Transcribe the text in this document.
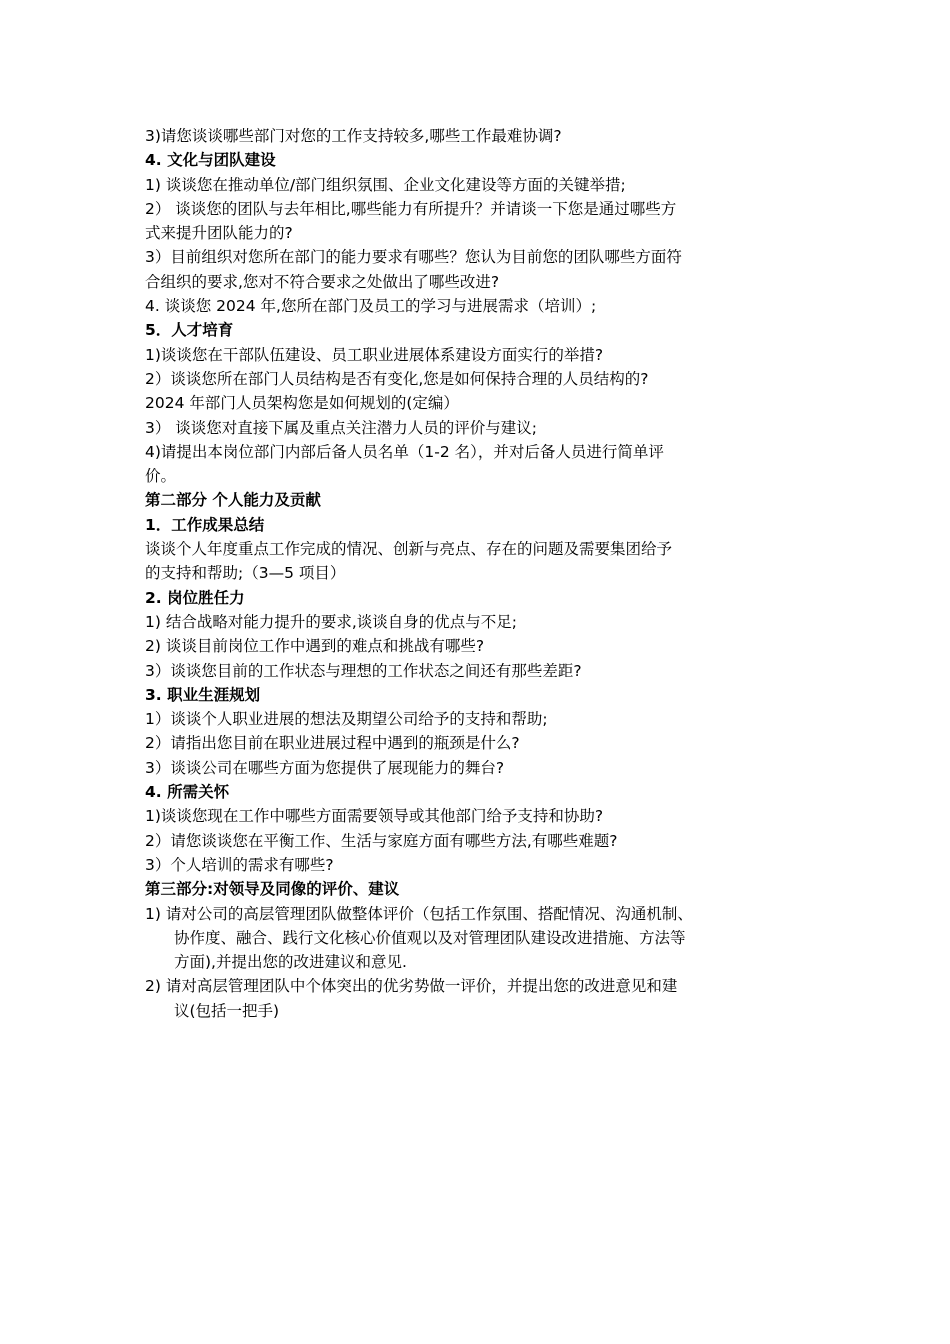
3)请您谈谈哪些部门对您的工作支持较多,哪些工作最难协调?
4. 文化与团队建设
1) 谈谈您在推动单位/部门组织氛围、企业文化建设等方面的关键举措;
2） 谈谈您的团队与去年相比,哪些能力有所提升？并请谈一下您是通过哪些方
式来提升团队能力的?
3）目前组织对您所在部门的能力要求有哪些？您认为目前您的团队哪些方面符
合组织的要求,您对不符合要求之处做出了哪些改进?
4. 谈谈您 2024 年,您所在部门及员工的学习与进展需求（培训）;
5．人才培育
1)谈谈您在干部队伍建设、员工职业进展体系建设方面实行的举措?
2）谈谈您所在部门人员结构是否有变化,您是如何保持合理的人员结构的?
2024 年部门人员架构您是如何规划的(定编）
3） 谈谈您对直接下属及重点关注潜力人员的评价与建议;
4)请提出本岗位部门内部后备人员名单（1-2 名），并对后备人员进行简单评
价。
第二部分 个人能力及贡献
1．工作成果总结
谈谈个人年度重点工作完成的情况、创新与亮点、存在的问题及需要集团给予
的支持和帮助;（3—5 项目）
2. 岗位胜任力
1) 结合战略对能力提升的要求,谈谈自身的优点与不足;
2) 谈谈目前岗位工作中遇到的难点和挑战有哪些?
3）谈谈您目前的工作状态与理想的工作状态之间还有那些差距?
3. 职业生涯规划
1）谈谈个人职业进展的想法及期望公司给予的支持和帮助;
2）请指出您目前在职业进展过程中遇到的瓶颈是什么?
3）谈谈公司在哪些方面为您提供了展现能力的舞台?
4. 所需关怀
1)谈谈您现在工作中哪些方面需要领导或其他部门给予支持和协助?
2）请您谈谈您在平衡工作、生活与家庭方面有哪些方法,有哪些难题?
3）个人培训的需求有哪些?
第三部分:对领导及同像的评价、建议
1) 请对公司的高层管理团队做整体评价（包括工作氛围、搭配情况、沟通机制、
协作度、融合、践行文化核心价值观以及对管理团队建设改进措施、方法等
方面),并提出您的改进建议和意见.
2) 请对高层管理团队中个体突出的优劣势做一评价，并提出您的改进意见和建
议(包括一把手)
